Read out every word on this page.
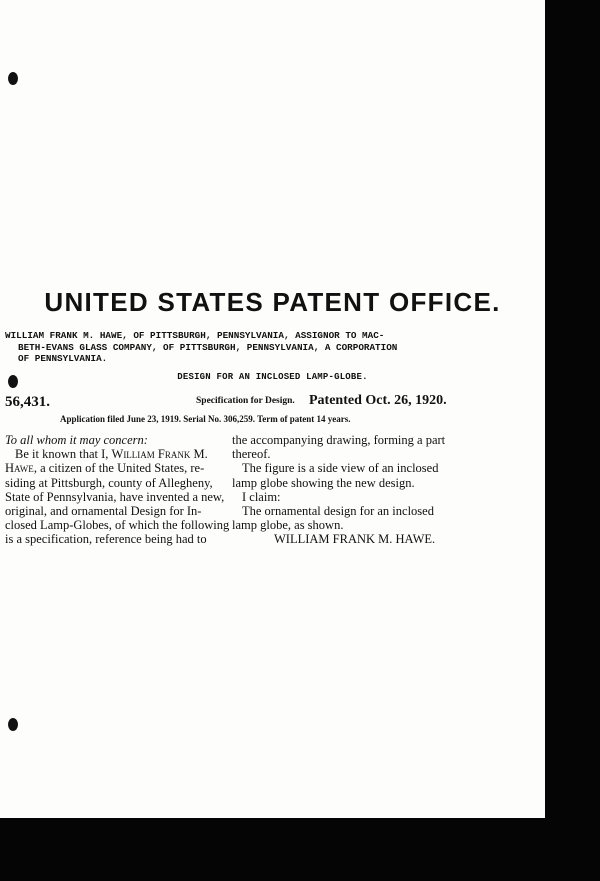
UNITED STATES PATENT OFFICE.
WILLIAM FRANK M. HAWE, OF PITTSBURGH, PENNSYLVANIA, ASSIGNOR TO MAC-
BETH-EVANS GLASS COMPANY, OF PITTSBURGH, PENNSYLVANIA, A CORPORATION
OF PENNSYLVANIA.
DESIGN FOR AN INCLOSED LAMP-GLOBE.
56,431.	Specification for Design. Patented Oct. 26, 1920.
Application filed June 23, 1919. Serial No. 306,259. Term of patent 14 years.
To all whom it may concern:
Be it known that I, William Frank M.
Hawe, a citizen of the United States, re-
siding at Pittsburgh, county of Allegheny,
State of Pennsylvania, have invented a new,
original, and ornamental Design for In-
closed Lamp-Globes, of which the following
is a specification, reference being had to
the accompanying drawing, forming a part
thereof.
The figure is a side view of an inclosed
lamp globe showing the new design.
I claim:
The ornamental design for an inclosed
lamp globe, as shown.
WILLIAM FRANK M. HAWE.
